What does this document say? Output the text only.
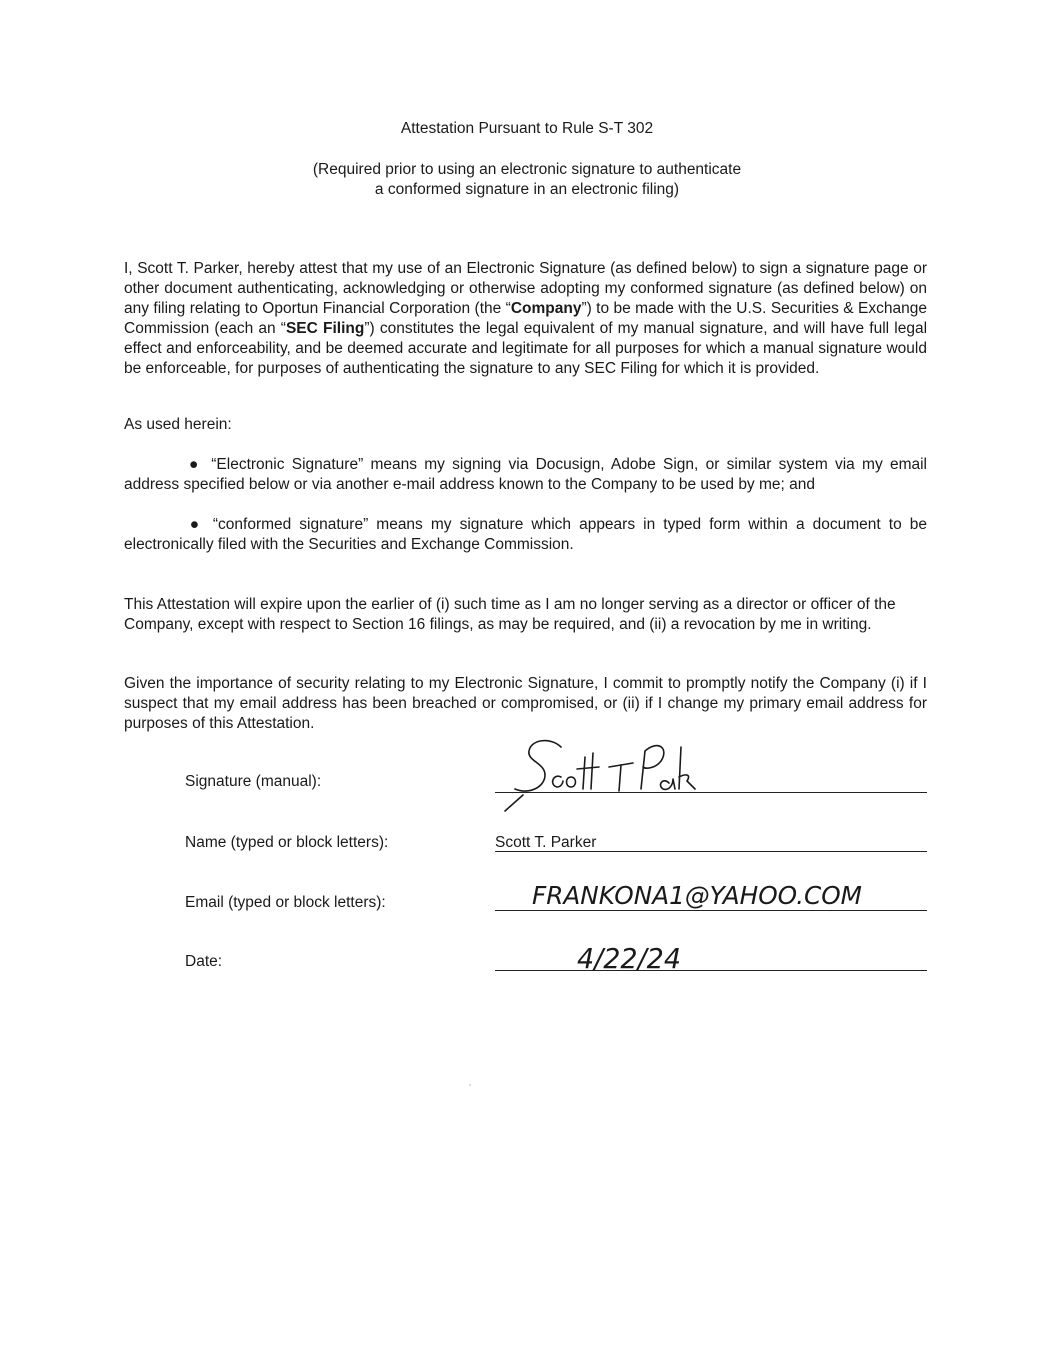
Attestation Pursuant to Rule S-T 302
(Required prior to using an electronic signature to authenticate
a conformed signature in an electronic filing)
I, Scott T. Parker, hereby attest that my use of an Electronic Signature (as defined below) to sign a signature page or other document authenticating, acknowledging or otherwise adopting my conformed signature (as defined below) on any filing relating to Oportun Financial Corporation (the “Company”) to be made with the U.S. Securities & Exchange Commission (each an “SEC Filing”) constitutes the legal equivalent of my manual signature, and will have full legal effect and enforceability, and be deemed accurate and legitimate for all purposes for which a manual signature would be enforceable, for purposes of authenticating the signature to any SEC Filing for which it is provided.
As used herein:
● “Electronic Signature” means my signing via Docusign, Adobe Sign, or similar system via my email address specified below or via another e-mail address known to the Company to be used by me; and
● “conformed signature” means my signature which appears in typed form within a document to be electronically filed with the Securities and Exchange Commission.
This Attestation will expire upon the earlier of (i) such time as I am no longer serving as a director or officer of the Company, except with respect to Section 16 filings, as may be required, and (ii) a revocation by me in writing.
Given the importance of security relating to my Electronic Signature, I commit to promptly notify the Company (i) if I suspect that my email address has been breached or compromised, or (ii) if I change my primary email address for purposes of this Attestation.
Signature (manual):
Name (typed or block letters):	Scott T. Parker
Email (typed or block letters):	FRANKONA1@YAHOO.COM
Date:	4/22/24
